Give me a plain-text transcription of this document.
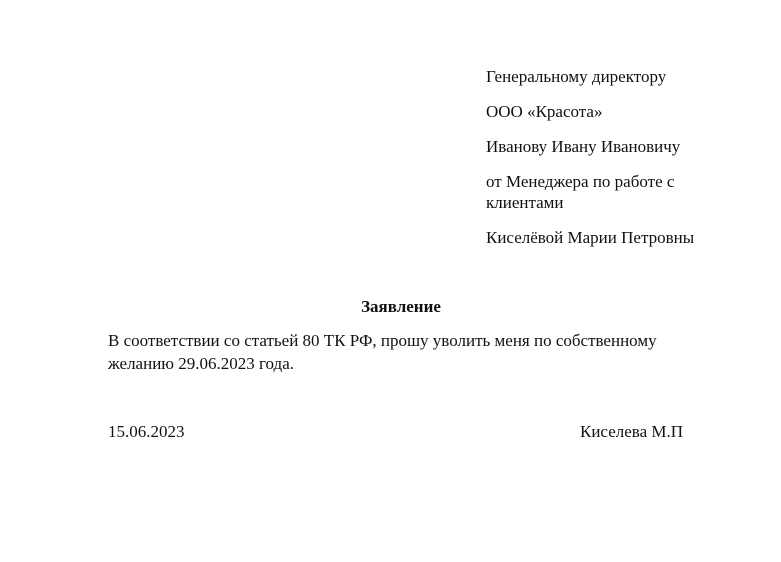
Генеральному директору
ООО «Красота»
Иванову Ивану Ивановичу
от Менеджера по работе с клиентами
Киселёвой Марии Петровны
Заявление
В соответствии со статьей 80 ТК РФ, прошу уволить меня по собственному желанию 29.06.2023 года.
15.06.2023	Киселева М.П
